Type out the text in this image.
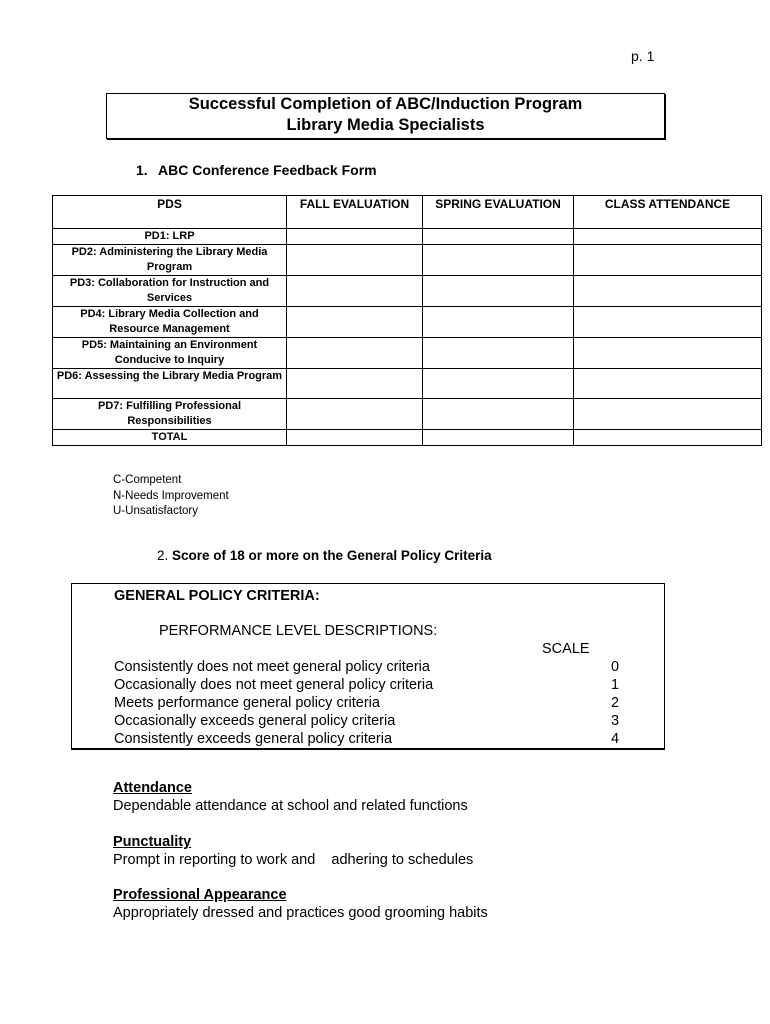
p. 1
Successful Completion of ABC/Induction Program
Library Media Specialists
1. ABC Conference Feedback Form
PDS	FALL EVALUATION	SPRING EVALUATION	CLASS ATTENDANCE
PD1: LRP			
PD2: Administering the Library Media Program			
PD3: Collaboration for Instruction and Services			
PD4: Library Media Collection and Resource Management			
PD5: Maintaining an Environment Conducive to Inquiry			
PD6: Assessing the Library Media Program			
PD7: Fulfilling Professional Responsibilities			
TOTAL			
C-Competent
N-Needs Improvement
U-Unsatisfactory
2. Score of 18 or more on the General Policy Criteria
GENERAL POLICY CRITERIA:
PERFORMANCE LEVEL DESCRIPTIONS:
SCALE
Consistently does not meet general policy criteria	0
Occasionally does not meet general policy criteria	1
Meets performance general policy criteria	2
Occasionally exceeds general policy criteria	3
Consistently exceeds general policy criteria	4
Attendance
Dependable attendance at school and related functions
Punctuality
Prompt in reporting to work and    adhering to schedules
Professional Appearance
Appropriately dressed and practices good grooming habits
